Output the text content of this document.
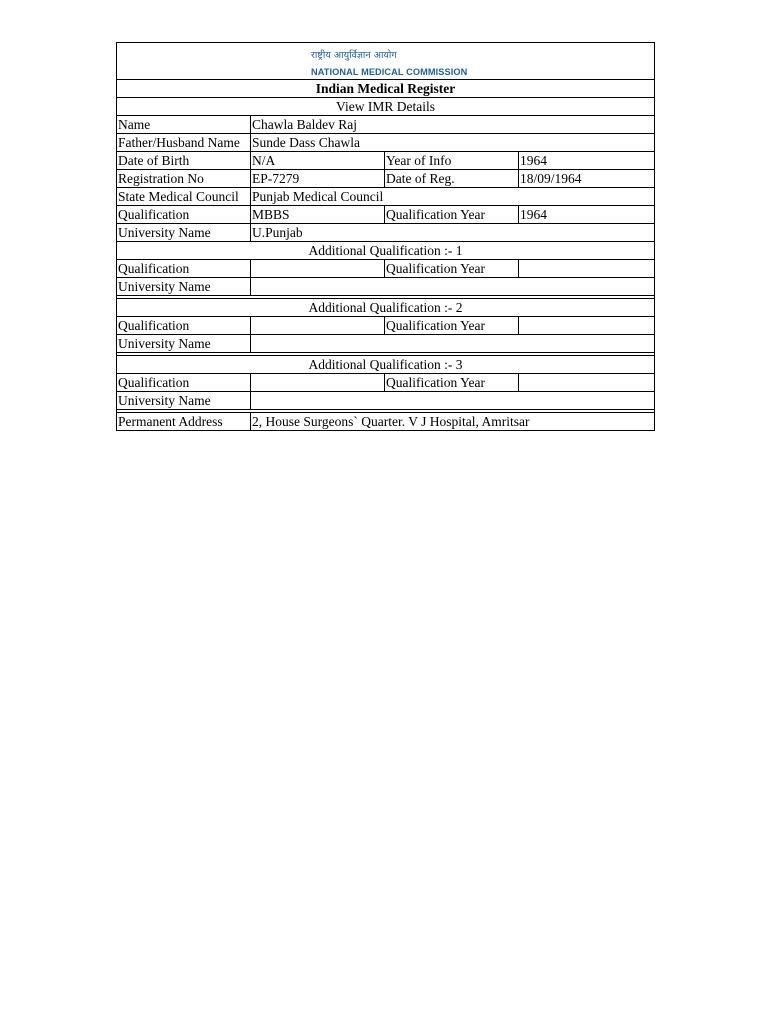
राष्ट्रीय आयुर्विज्ञान आयोग
NATIONAL MEDICAL COMMISSION			

Indian Medical Register			
View IMR Details			
Name	Chawla Baldev Raj		
Father/Husband Name	Sunde Dass Chawla		
Date of Birth	N/A	Year of Info	1964
Registration No	EP-7279	Date of Reg.	18/09/1964
State Medical Council	Punjab Medical Council		
Qualification	MBBS	Qualification Year	1964
University Name	U.Punjab		
Additional Qualification :- 1			
Qualification		Qualification Year	
University Name			

Additional Qualification :- 2			
Qualification		Qualification Year	
University Name			

Additional Qualification :- 3			
Qualification		Qualification Year	
University Name			

Permanent Address	2, House Surgeons` Quarter. V J Hospital, Amritsar		
